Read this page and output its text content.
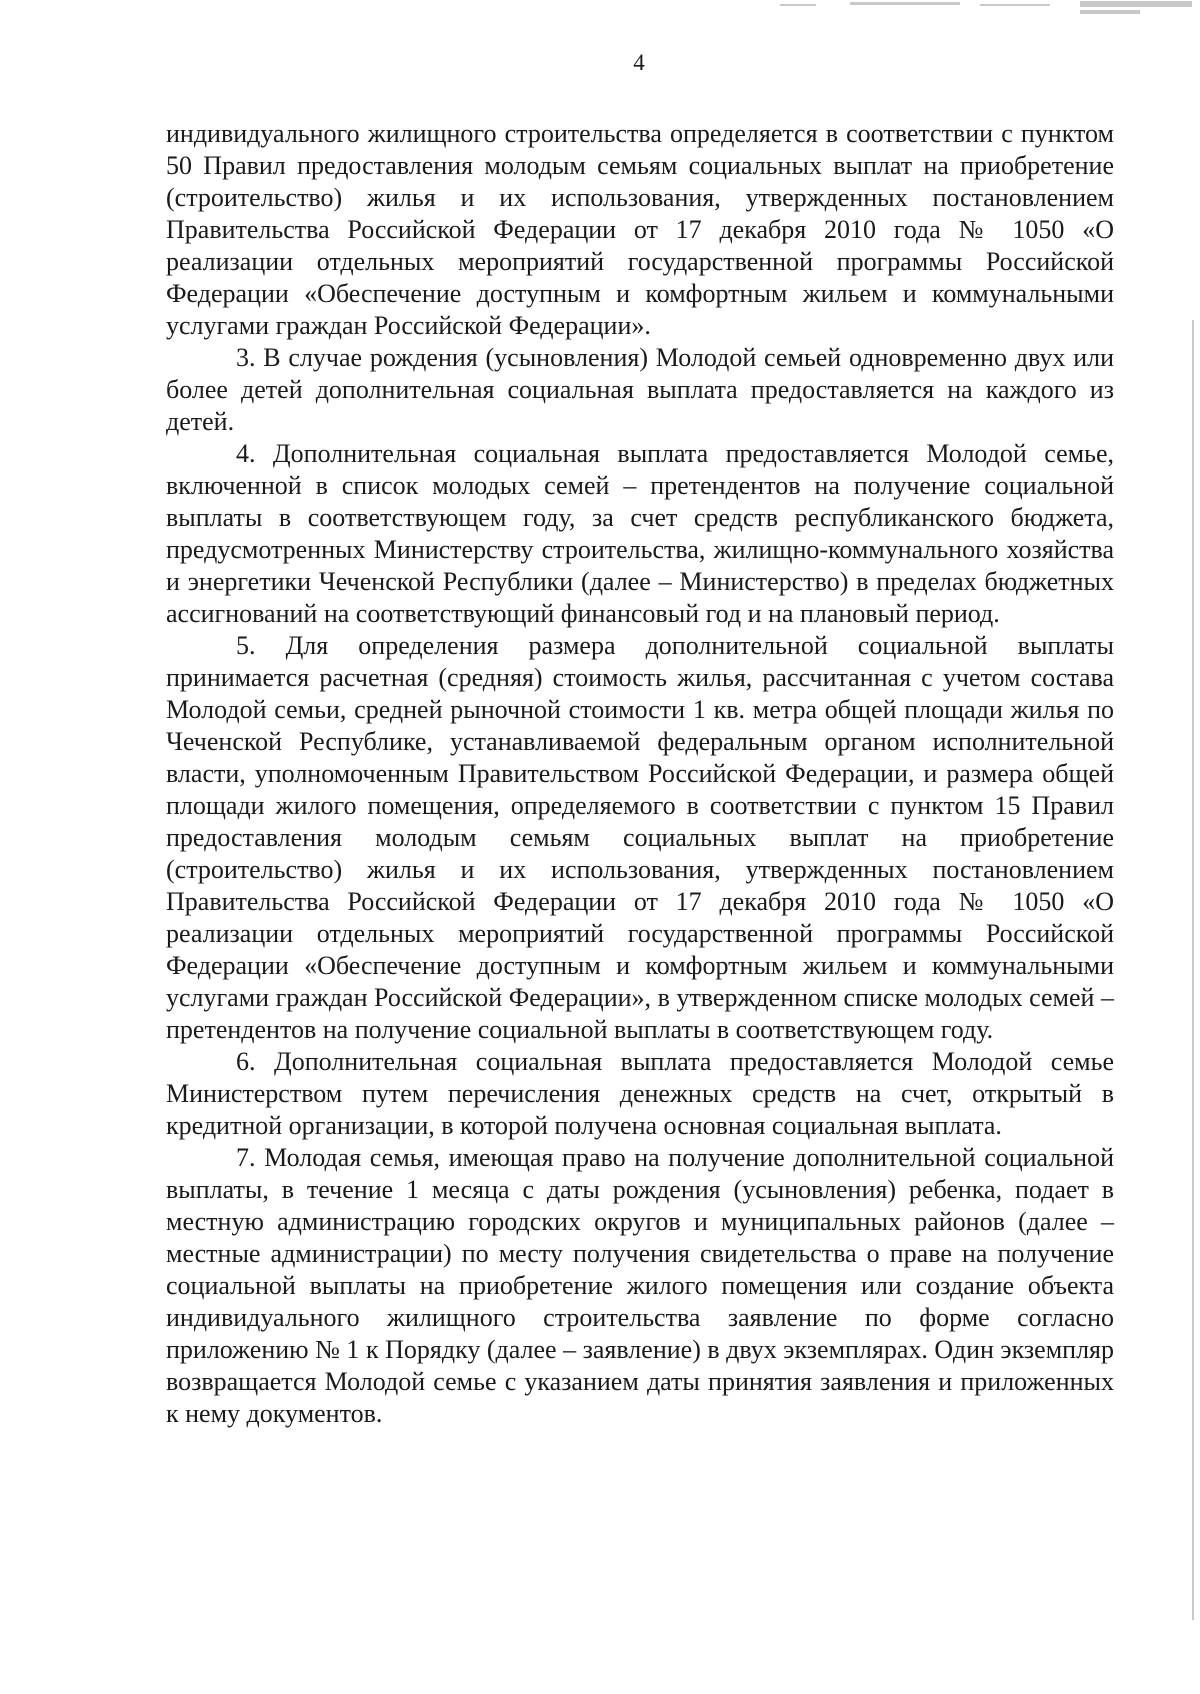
4

индивидуального жилищного строительства определяется в соответствии с пунктом 50 Правил предоставления молодым семьям социальных выплат на приобретение (строительство) жилья и их использования, утвержденных постановлением Правительства Российской Федерации от 17 декабря 2010 года № 1050 «О реализации отдельных мероприятий государственной программы Российской Федерации «Обеспечение доступным и комфортным жильем и коммунальными услугами граждан Российской Федерации».

3. В случае рождения (усыновления) Молодой семьей одновременно двух или более детей дополнительная социальная выплата предоставляется на каждого из детей.

4. Дополнительная социальная выплата предоставляется Молодой семье, включенной в список молодых семей – претендентов на получение социальной выплаты в соответствующем году, за счет средств республиканского бюджета, предусмотренных Министерству строительства, жилищно-коммунального хозяйства и энергетики Чеченской Республики (далее – Министерство) в пределах бюджетных ассигнований на соответствующий финансовый год и на плановый период.

5. Для определения размера дополнительной социальной выплаты принимается расчетная (средняя) стоимость жилья, рассчитанная с учетом состава Молодой семьи, средней рыночной стоимости 1 кв. метра общей площади жилья по Чеченской Республике, устанавливаемой федеральным органом исполнительной власти, уполномоченным Правительством Российской Федерации, и размера общей площади жилого помещения, определяемого в соответствии с пунктом 15 Правил предоставления молодым семьям социальных выплат на приобретение (строительство) жилья и их использования, утвержденных постановлением Правительства Российской Федерации от 17 декабря 2010 года № 1050 «О реализации отдельных мероприятий государственной программы Российской Федерации «Обеспечение доступным и комфортным жильем и коммунальными услугами граждан Российской Федерации», в утвержденном списке молодых семей – претендентов на получение социальной выплаты в соответствующем году.

6. Дополнительная социальная выплата предоставляется Молодой семье Министерством путем перечисления денежных средств на счет, открытый в кредитной организации, в которой получена основная социальная выплата.

7. Молодая семья, имеющая право на получение дополнительной социальной выплаты, в течение 1 месяца с даты рождения (усыновления) ребенка, подает в местную администрацию городских округов и муниципальных районов (далее – местные администрации) по месту получения свидетельства о праве на получение социальной выплаты на приобретение жилого помещения или создание объекта индивидуального жилищного строительства заявление по форме согласно приложению № 1 к Порядку (далее – заявление) в двух экземплярах. Один экземпляр возвращается Молодой семье с указанием даты принятия заявления и приложенных к нему документов.
